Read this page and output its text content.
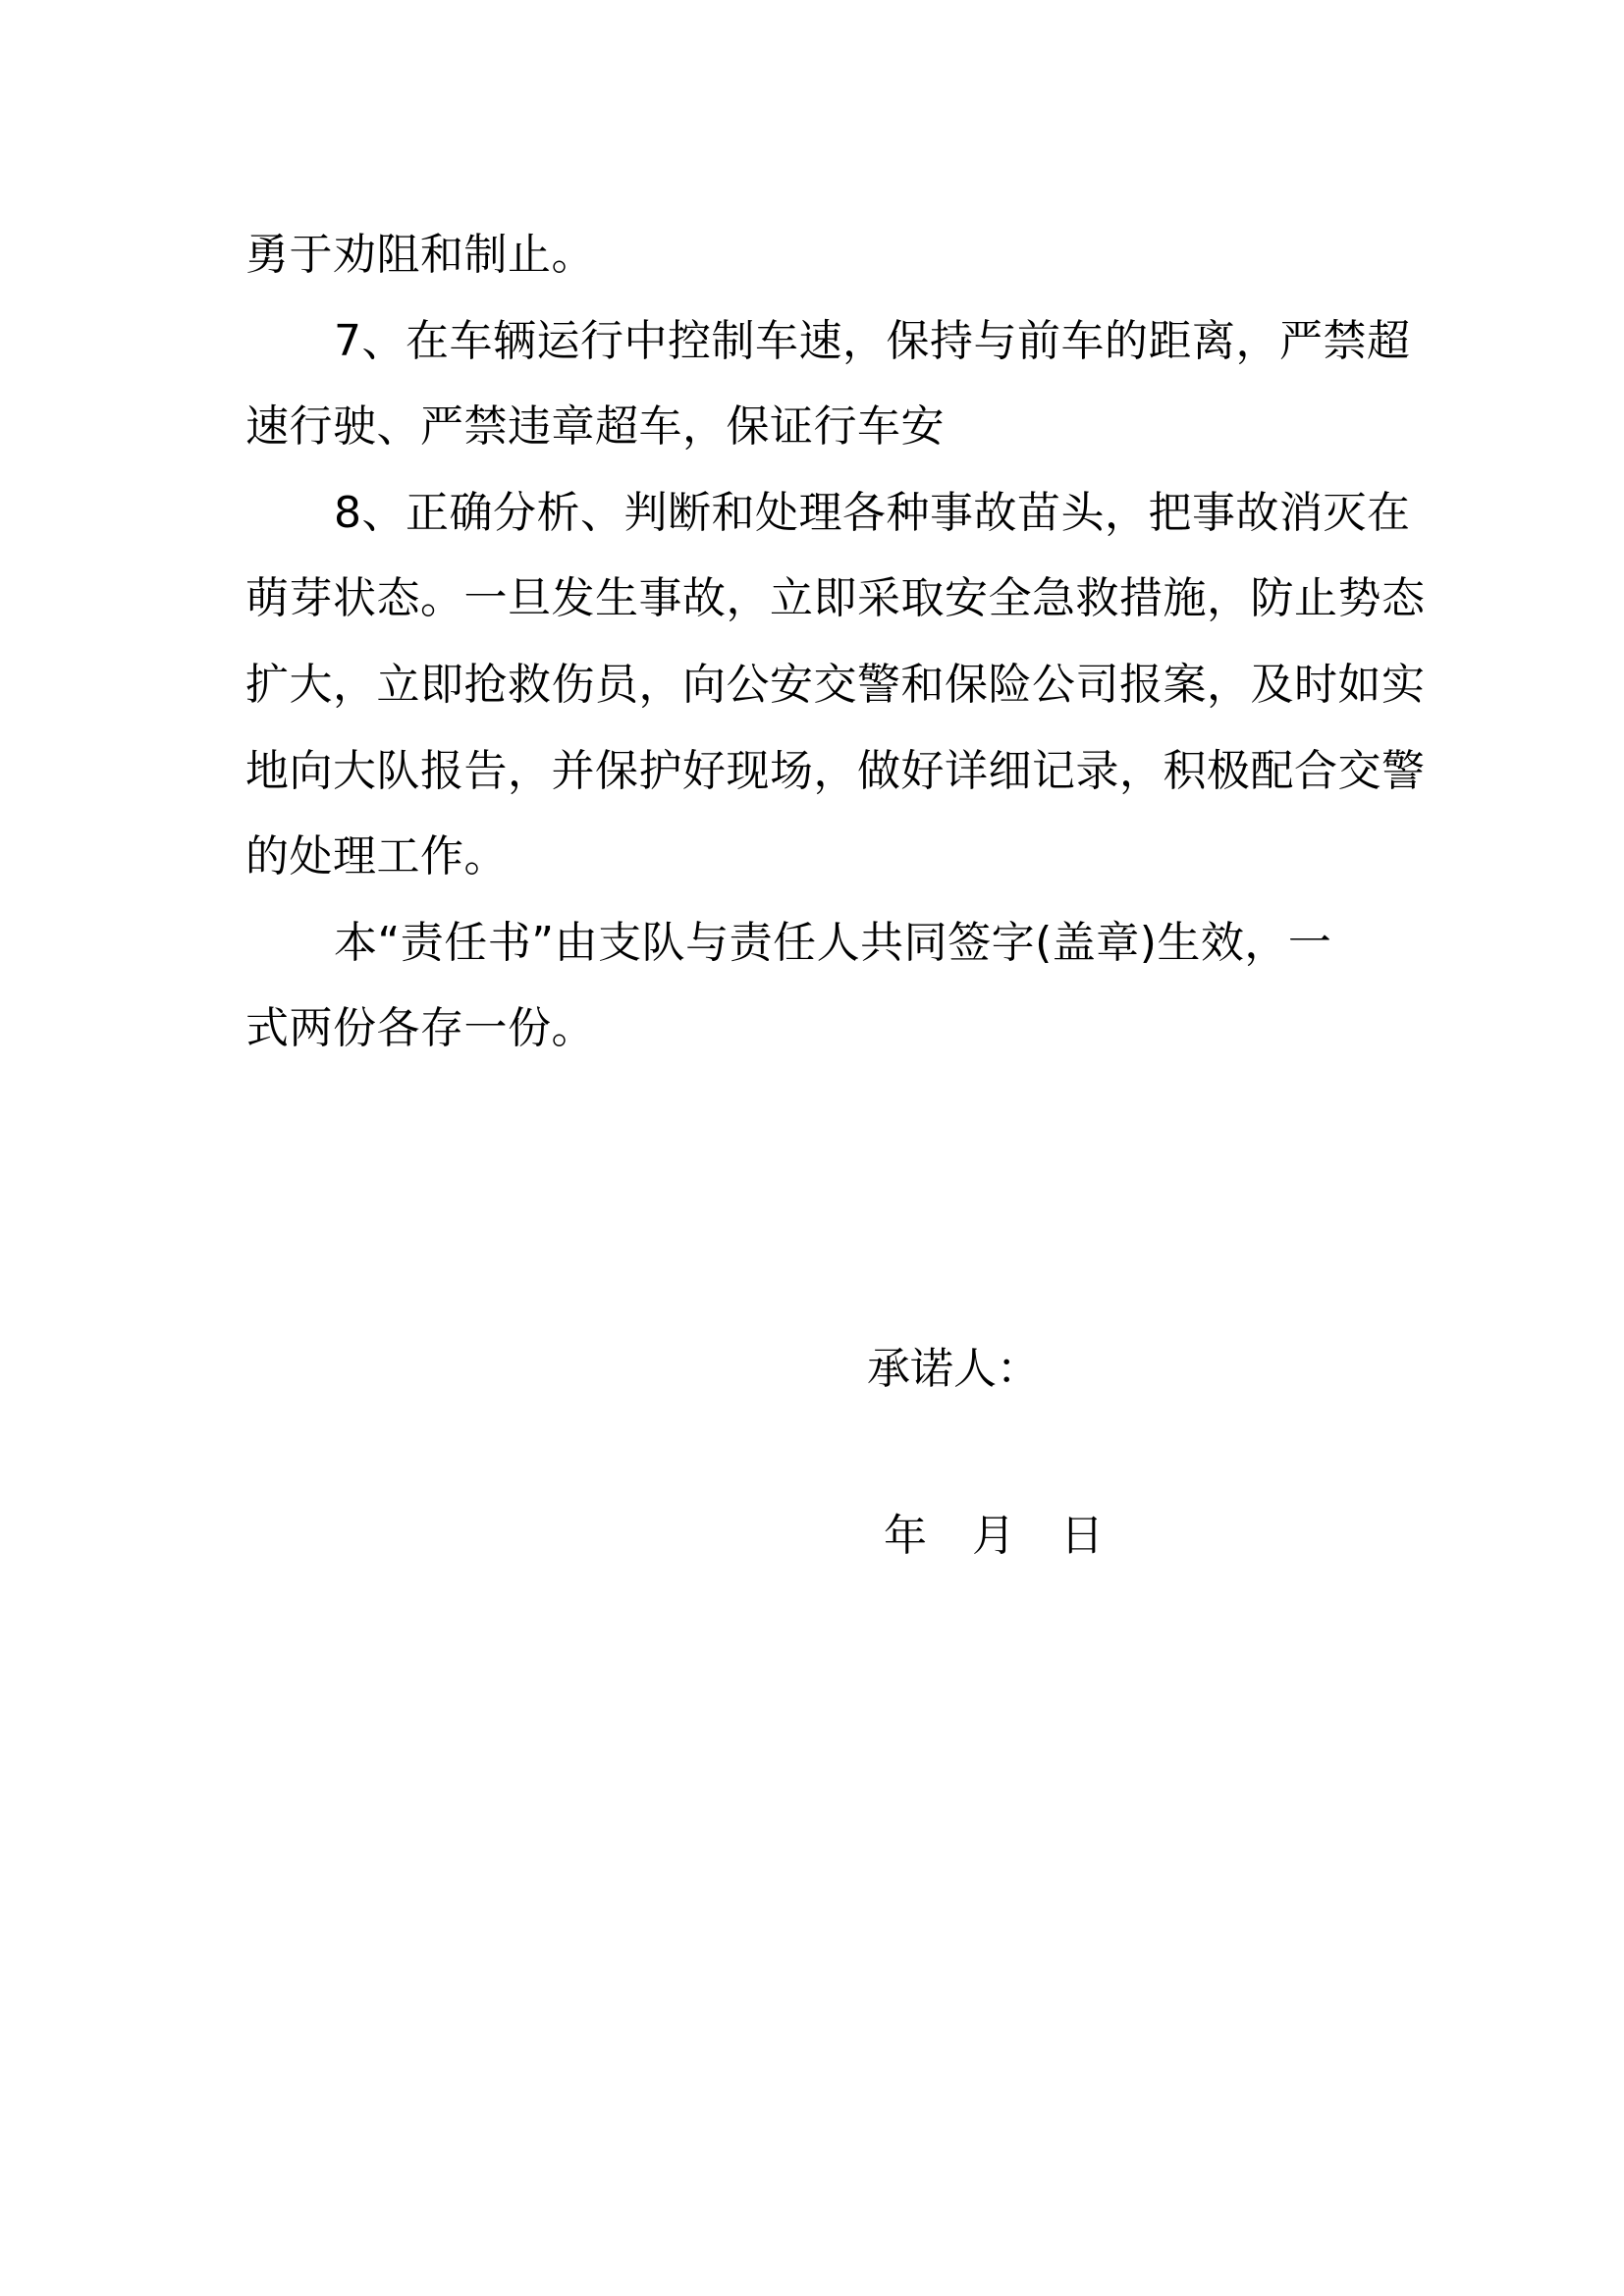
勇于劝阻和制止。
7、在车辆运行中控制车速，保持与前车的距离，严禁超
速行驶、严禁违章超车，保证行车安
8、正确分析、判断和处理各种事故苗头，把事故消灭在
萌芽状态。一旦发生事故，立即采取安全急救措施，防止势态
扩大，立即抢救伤员，向公安交警和保险公司报案，及时如实
地向大队报告，并保护好现场，做好详细记录，积极配合交警
的处理工作。
本“责任书”由支队与责任人共同签字(盖章)生效，一
式两份各存一份。
承诺人：
年 月 日
